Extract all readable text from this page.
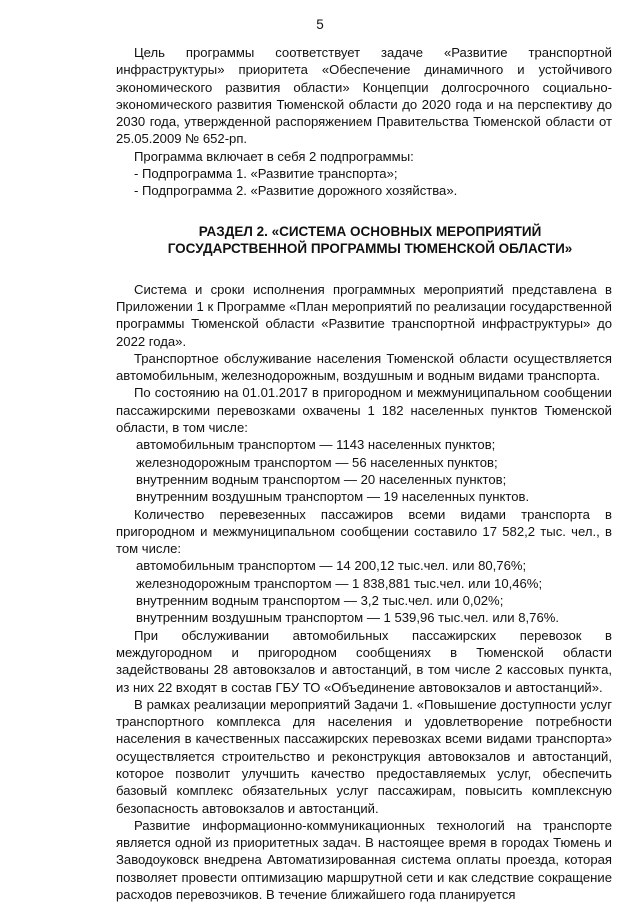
5

Цель программы соответствует задаче «Развитие транспортной инфраструктуры» приоритета «Обеспечение динамичного и устойчивого экономического развития области» Концепции долгосрочного социально-экономического развития Тюменской области до 2020 года и на перспективу до 2030 года, утвержденной распоряжением Правительства Тюменской области от 25.05.2009 № 652-рп.

Программа включает в себя 2 подпрограммы:

- Подпрограмма 1. «Развитие транспорта»;

- Подпрограмма 2. «Развитие дорожного хозяйства».

РАЗДЕЛ 2. «СИСТЕМА ОСНОВНЫХ МЕРОПРИЯТИЙ ГОСУДАРСТВЕННОЙ ПРОГРАММЫ ТЮМЕНСКОЙ ОБЛАСТИ»

Система и сроки исполнения программных мероприятий представлена в Приложении 1 к Программе «План мероприятий по реализации государственной программы Тюменской области «Развитие транспортной инфраструктуры» до 2022 года».

Транспортное обслуживание населения Тюменской области осуществляется автомобильным, железнодорожным, воздушным и водным видами транспорта.

По состоянию на 01.01.2017 в пригородном и межмуниципальном сообщении пассажирскими перевозками охвачены 1 182 населенных пунктов Тюменской области, в том числе:

автомобильным транспортом — 1143 населенных пунктов;

железнодорожным транспортом — 56 населенных пунктов;

внутренним водным транспортом — 20 населенных пунктов;

внутренним воздушным транспортом — 19 населенных пунктов.

Количество перевезенных пассажиров всеми видами транспорта в пригородном и межмуниципальном сообщении составило 17 582,2 тыс. чел., в том числе:

автомобильным транспортом — 14 200,12 тыс.чел. или 80,76%;

железнодорожным транспортом — 1 838,881 тыс.чел. или 10,46%;

внутренним водным транспортом — 3,2 тыс.чел. или 0,02%;

внутренним воздушным транспортом — 1 539,96 тыс.чел. или 8,76%.

При обслуживании автомобильных пассажирских перевозок в междугородном и пригородном сообщениях в Тюменской области задействованы 28 автовокзалов и автостанций, в том числе 2 кассовых пункта, из них 22 входят в состав ГБУ ТО «Объединение автовокзалов и автостанций».

В рамках реализации мероприятий Задачи 1. «Повышение доступности услуг транспортного комплекса для населения и удовлетворение потребности населения в качественных пассажирских перевозках всеми видами транспорта» осуществляется строительство и реконструкция автовокзалов и автостанций, которое позволит улучшить качество предоставляемых услуг, обеспечить базовый комплекс обязательных услуг пассажирам, повысить комплексную безопасность автовокзалов и автостанций.

Развитие информационно-коммуникационных технологий на транспорте является одной из приоритетных задач. В настоящее время в городах Тюмень и Заводоуковск внедрена Автоматизированная система оплаты проезда, которая позволяет провести оптимизацию маршрутной сети и как следствие сокращение расходов перевозчиков. В течение ближайшего года планируется
